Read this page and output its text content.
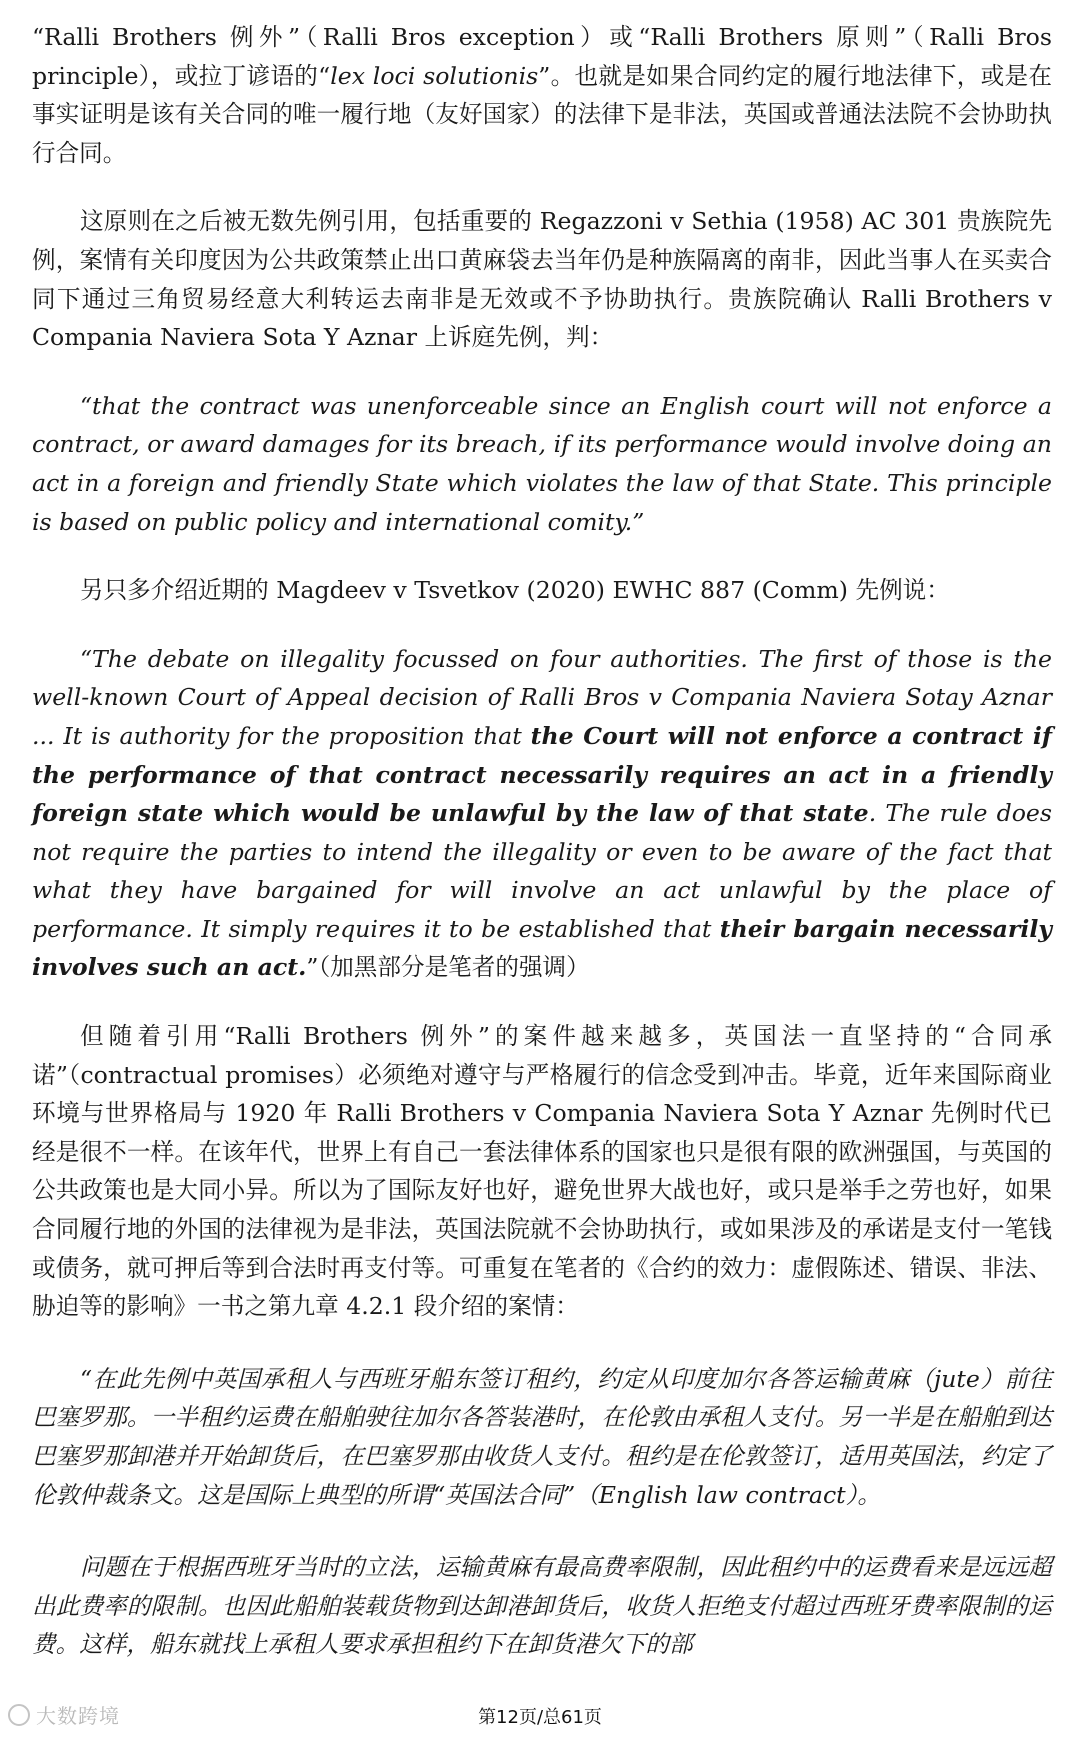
“Ralli Brothers 例外”（Ralli Bros exception）或“Ralli Brothers 原则”（Ralli Bros principle），或拉丁谚语的“lex loci solutionis”。也就是如果合同约定的履行地法律下，或是在事实证明是该有关合同的唯一履行地（友好国家）的法律下是非法，英国或普通法法院不会协助执行合同。

这原则在之后被无数先例引用，包括重要的 Regazzoni v Sethia (1958) AC 301 贵族院先例，案情有关印度因为公共政策禁止出口黄麻袋去当年仍是种族隔离的南非，因此当事人在买卖合同下通过三角贸易经意大利转运去南非是无效或不予协助执行。贵族院确认 Ralli Brothers v Compania Naviera Sota Y Aznar 上诉庭先例，判：

“that the contract was unenforceable since an English court will not enforce a contract, or award damages for its breach, if its performance would involve doing an act in a foreign and friendly State which violates the law of that State. This principle is based on public policy and international comity.”

另只多介绍近期的 Magdeev v Tsvetkov (2020) EWHC 887 (Comm) 先例说：

“The debate on illegality focussed on four authorities. The first of those is the well-known Court of Appeal decision of Ralli Bros v Compania Naviera Sotay Aznar ... It is authority for the proposition that the Court will not enforce a contract if the performance of that contract necessarily requires an act in a friendly foreign state which would be unlawful by the law of that state. The rule does not require the parties to intend the illegality or even to be aware of the fact that what they have bargained for will involve an act unlawful by the place of performance. It simply requires it to be established that their bargain necessarily involves such an act.”（加黑部分是笔者的强调）

但随着引用“Ralli Brothers 例外”的案件越来越多，英国法一直坚持的“合同承诺”（contractual promises）必须绝对遵守与严格履行的信念受到冲击。毕竟，近年来国际商业环境与世界格局与 1920 年 Ralli Brothers v Compania Naviera Sota Y Aznar 先例时代已经是很不一样。在该年代，世界上有自己一套法律体系的国家也只是很有限的欧洲强国，与英国的公共政策也是大同小异。所以为了国际友好也好，避免世界大战也好，或只是举手之劳也好，如果合同履行地的外国的法律视为是非法，英国法院就不会协助执行，或如果涉及的承诺是支付一笔钱或债务，就可押后等到合法时再支付等。可重复在笔者的《合约的效力：虚假陈述、错误、非法、胁迫等的影响》一书之第九章 4.2.1 段介绍的案情：

“在此先例中英国承租人与西班牙船东签订租约，约定从印度加尔各答运输黄麻（jute）前往巴塞罗那。一半租约运费在船舶驶往加尔各答装港时，在伦敦由承租人支付。另一半是在船舶到达巴塞罗那卸港并开始卸货后，在巴塞罗那由收货人支付。租约是在伦敦签订，适用英国法，约定了伦敦仲裁条文。这是国际上典型的所谓“英国法合同”（English law contract）。

问题在于根据西班牙当时的立法，运输黄麻有最高费率限制，因此租约中的运费看来是远远超出此费率的限制。也因此船舶装载货物到达卸港卸货后，收货人拒绝支付超过西班牙费率限制的运费。这样，船东就找上承租人要求承担租约下在卸货港欠下的部

大数跨境	第12页/总61页
